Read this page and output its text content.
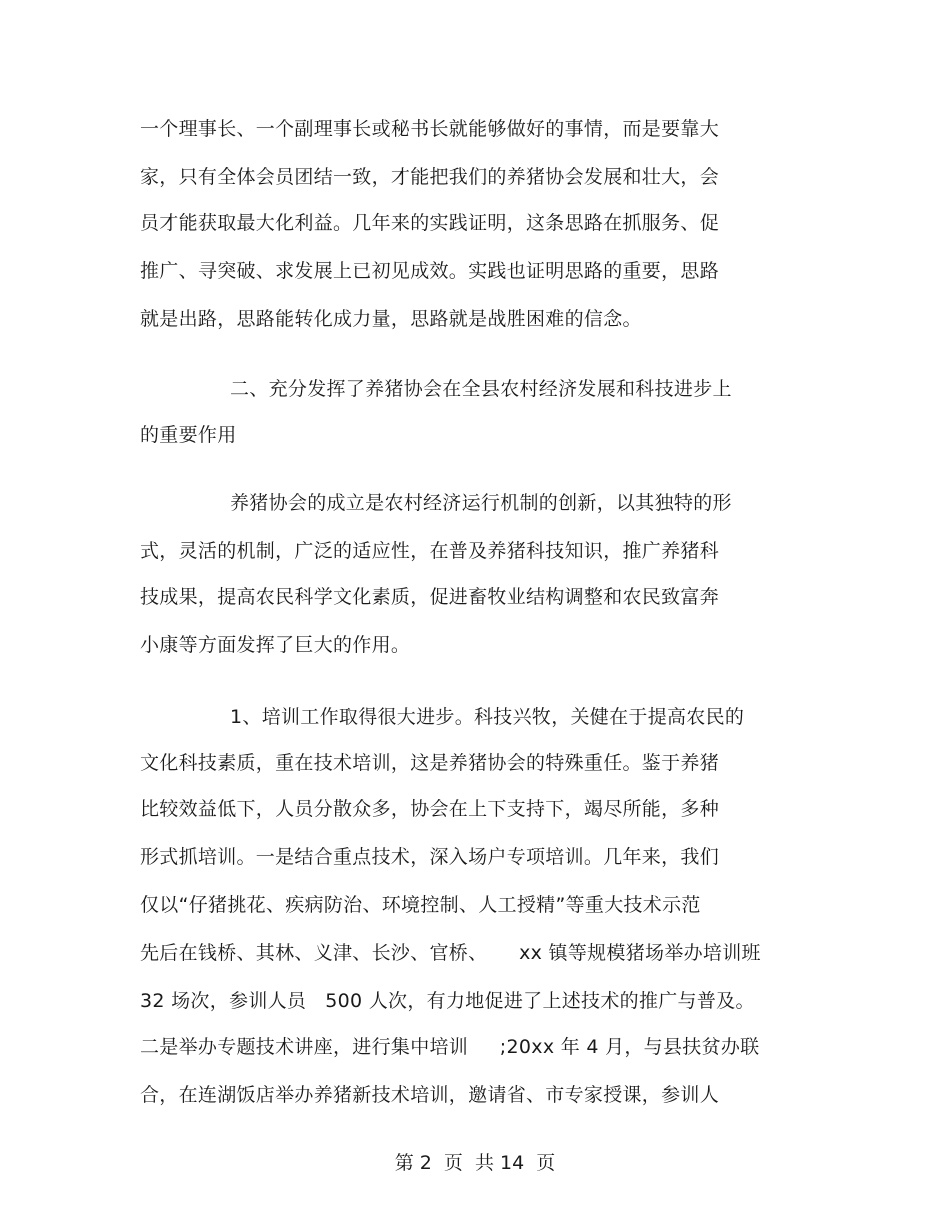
一个理事长、一个副理事长或秘书长就能够做好的事情，而是要靠大
家，只有全体会员团结一致，才能把我们的养猪协会发展和壮大，会
员才能获取最大化利益。几年来的实践证明，这条思路在抓服务、促
推广、寻突破、求发展上已初见成效。实践也证明思路的重要，思路
就是出路，思路能转化成力量，思路就是战胜困难的信念。
二、充分发挥了养猪协会在全县农村经济发展和科技进步上
的重要作用
养猪协会的成立是农村经济运行机制的创新，以其独特的形
式，灵活的机制，广泛的适应性，在普及养猪科技知识，推广养猪科
技成果，提高农民科学文化素质，促进畜牧业结构调整和农民致富奔
小康等方面发挥了巨大的作用。
1、培训工作取得很大进步。科技兴牧，关健在于提高农民的
文化科技素质，重在技术培训，这是养猪协会的特殊重任。鉴于养猪
比较效益低下，人员分散众多，协会在上下支持下，竭尽所能，多种
形式抓培训。一是结合重点技术，深入场户专项培训。几年来，我们
仅以“仔猪挑花、疾病防治、环境控制、人工授精”等重大技术示范
先后在钱桥、其林、义津、长沙、官桥、     xx 镇等规模猪场举办培训班
32 场次，参训人员   500 人次，有力地促进了上述技术的推广与普及。
二是举办专题技术讲座，进行集中培训     ;20xx 年 4 月，与县扶贫办联
合，在连湖饭店举办养猪新技术培训，邀请省、市专家授课，参训人
第 2  页  共 14  页
